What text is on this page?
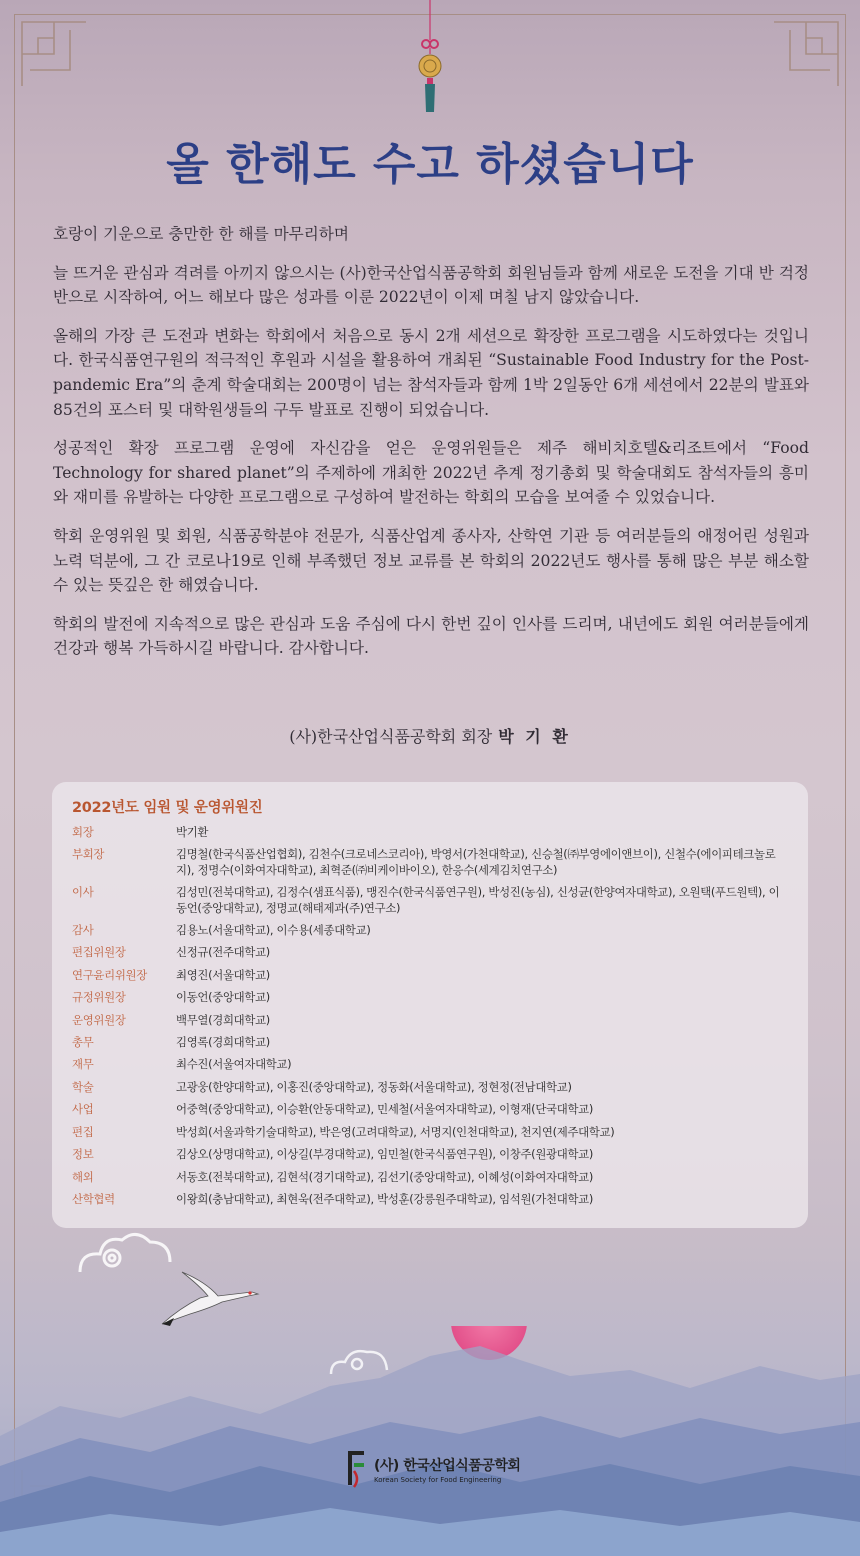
올 한해도 수고 하셨습니다

호랑이 기운으로 충만한 한 해를 마무리하며

늘 뜨거운 관심과 격려를 아끼지 않으시는 (사)한국산업식품공학회 회원님들과 함께 새로운 도전을 기대 반 걱정반으로 시작하여, 어느 해보다 많은 성과를 이룬 2022년이 이제 며칠 남지 않았습니다.

올해의 가장 큰 도전과 변화는 학회에서 처음으로 동시 2개 세션으로 확장한 프로그램을 시도하였다는 것입니다. 한국식품연구원의 적극적인 후원과 시설을 활용하여 개최된 “Sustainable Food Industry for the Post-pandemic Era”의 춘계 학술대회는 200명이 넘는 참석자들과 함께 1박 2일동안 6개 세션에서 22분의 발표와 85건의 포스터 및 대학원생들의 구두 발표로 진행이 되었습니다.

성공적인 확장 프로그램 운영에 자신감을 얻은 운영위원들은 제주 해비치호텔&리조트에서 “Food Technology for shared planet”의 주제하에 개최한 2022년 추계 정기총회 및 학술대회도 참석자들의 흥미와 재미를 유발하는 다양한 프로그램으로 구성하여 발전하는 학회의 모습을 보여줄 수 있었습니다.

학회 운영위원 및 회원, 식품공학분야 전문가, 식품산업계 종사자, 산학연 기관 등 여러분들의 애정어린 성원과 노력 덕분에, 그 간 코로나19로 인해 부족했던 정보 교류를 본 학회의 2022년도 행사를 통해 많은 부분 해소할 수 있는 뜻깊은 한 해였습니다.

학회의 발전에 지속적으로 많은 관심과 도움 주심에 다시 한번 깊이 인사를 드리며, 내년에도 회원 여러분들에게 건강과 행복 가득하시길 바랍니다. 감사합니다.

(사)한국산업식품공학회 회장 박 기 환
2022년도 임원 및 운영위원진
회장	박기환
부회장	김명철(한국식품산업협회), 김천수(크로네스코리아), 박영서(가천대학교), 신승철(㈜부영에이앤브이), 신철수(에이피테크놀로지), 정명수(이화여자대학교), 최혁준(㈜비케이바이오), 한응수(세계김치연구소)
이사	김성민(전북대학교), 김정수(샘표식품), 맹진수(한국식품연구원), 박성진(농심), 신성균(한양여자대학교), 오원택(푸드원텍), 이동언(중앙대학교), 정명교(해태제과(주)연구소)
감사	김용노(서울대학교), 이수용(세종대학교)
편집위원장	신정규(전주대학교)
연구윤리위원장	최영진(서울대학교)
규정위원장	이동언(중앙대학교)
운영위원장	백무열(경희대학교)
총무	김영록(경희대학교)
재무	최수진(서울여자대학교)
학술	고광웅(한양대학교), 이홍진(중앙대학교), 정동화(서울대학교), 정현정(전남대학교)
사업	어중혁(중앙대학교), 이승환(안동대학교), 민세철(서울여자대학교), 이형재(단국대학교)
편집	박성희(서울과학기술대학교), 박은영(고려대학교), 서명지(인천대학교), 천지연(제주대학교)
정보	김상오(상명대학교), 이상길(부경대학교), 임민철(한국식품연구원), 이창주(원광대학교)
해외	서동호(전북대학교), 김현석(경기대학교), 김선기(중앙대학교), 이혜성(이화여자대학교)
산학협력	이왕희(충남대학교), 최현욱(전주대학교), 박성훈(강릉원주대학교), 임석원(가천대학교)
(사) 한국산업식품공학회
Korean Society for Food Engineering
